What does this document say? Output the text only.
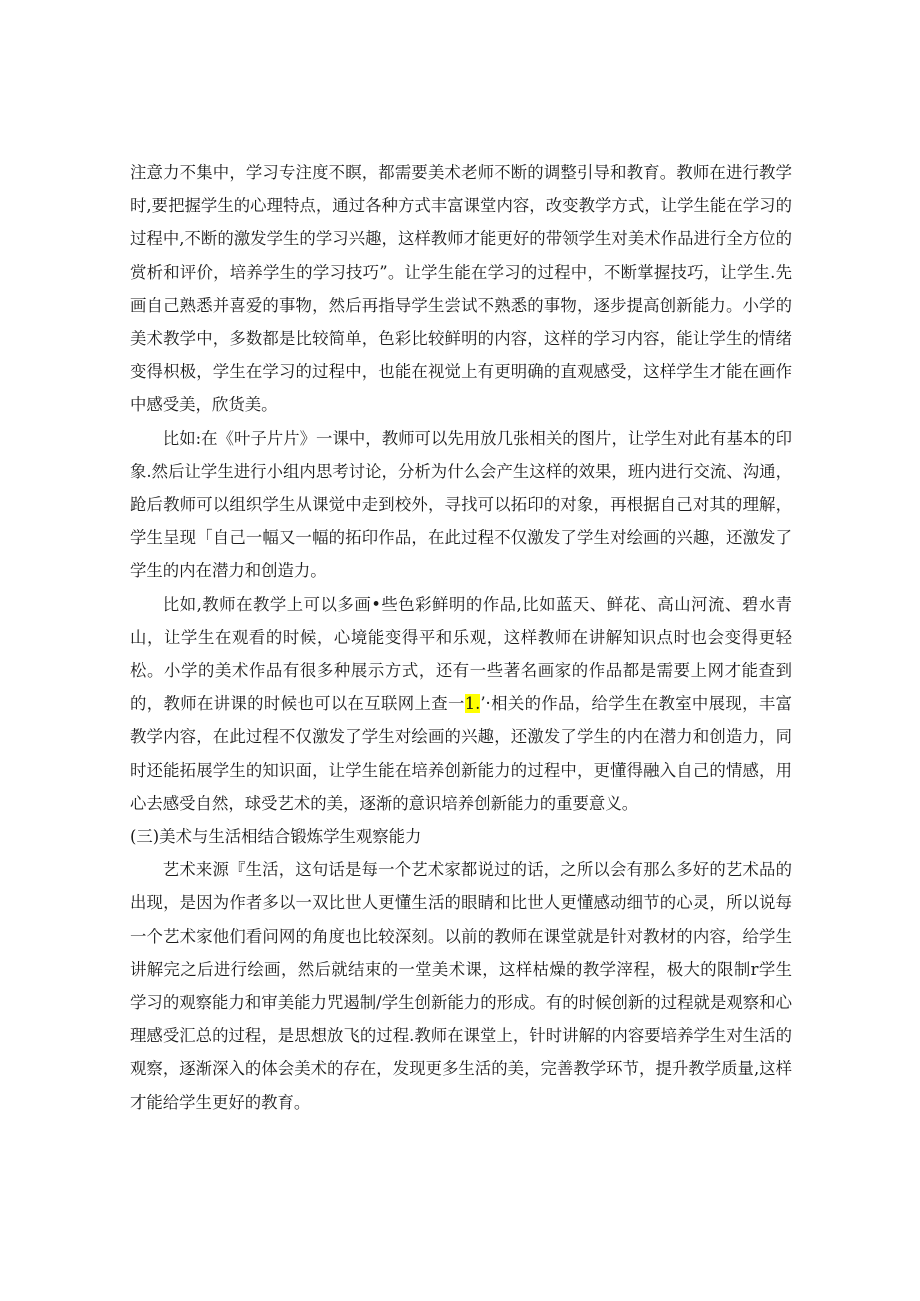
注意力不集中，学习专注度不瞑，都需要美术老师不断的调整引导和教育。教师在进行教学时,要把握学生的心理特点，通过各种方式丰富课堂内容，改变教学方式，让学生能在学习的过程中,不断的激发学生的学习兴趣，这样教师才能更好的带领学生对美术作品进行全方位的赏析和评价，培养学生的学习技巧”。让学生能在学习的过程中，不断掌握技巧，让学生.先画自己熟悉并喜爱的事物，然后再指导学生尝试不熟悉的事物，逐步提高创新能力。小学的美术教学中，多数都是比较简单，色彩比较鲜明的内容，这样的学习内容，能让学生的情绪变得枳极，学生在学习的过程中，也能在视觉上有更明确的直观感受，这样学生才能在画作中感受美，欣货美。

比如:在《叶子片片》一课中，教师可以先用放几张相关的图片，让学生对此有基本的印象.然后让学生进行小组内思考讨论，分析为什么会产生这样的效果，班内进行交流、沟通，跄后教师可以组织学生从课觉中走到校外，寻找可以拓印的对象，再根据自己对其的理解，学生呈现「自己一幅又一幅的拓印作品，在此过程不仅激发了学生对绘画的兴趣，还激发了学生的内在潜力和创造力。

比如,教师在教学上可以多画•些色彩鲜明的作品,比如蓝天、鲜花、高山河流、碧水青山，让学生在观看的时候，心境能变得平和乐观，这样教师在讲解知识点时也会变得更轻松。小学的美术作品有很多种展示方式，还有一些著名画家的作品都是需要上网才能查到的，教师在讲课的时候也可以在互联网上查一1.’·相关的作品，给学生在教室中展现，丰富教学内容，在此过程不仅激发了学生对绘画的兴趣，还激发了学生的内在潜力和创造力，同时还能拓展学生的知识面，让学生能在培养创新能力的过程中，更懂得融入自己的情感，用心去感受自然，球受艺术的美，逐渐的意识培养创新能力的重要意义。

(三)美术与生活相结合锻炼学生观察能力

艺术来源『生活，这句话是每一个艺术家都说过的话，之所以会有那么多好的艺术品的出现，是因为作者多以一双比世人更懂生活的眼睛和比世人更懂感动细节的心灵，所以说每一个艺术家他们看问网的角度也比较深刻。以前的教师在课堂就是针对教材的内容，给学生讲解完之后进行绘画，然后就结束的一堂美术课，这样枯燥的教学滓程，极大的限制r学生学习的观察能力和审美能力咒遏制/学生创新能力的形成。有的时候创新的过程就是观察和心理感受汇总的过程，是思想放飞的过程.教师在课堂上，针时讲解的内容要培养学生对生活的观察，逐渐深入的体会美术的存在，发现更多生活的美，完善教学环节，提升教学质量,这样才能给学生更好的教育。
